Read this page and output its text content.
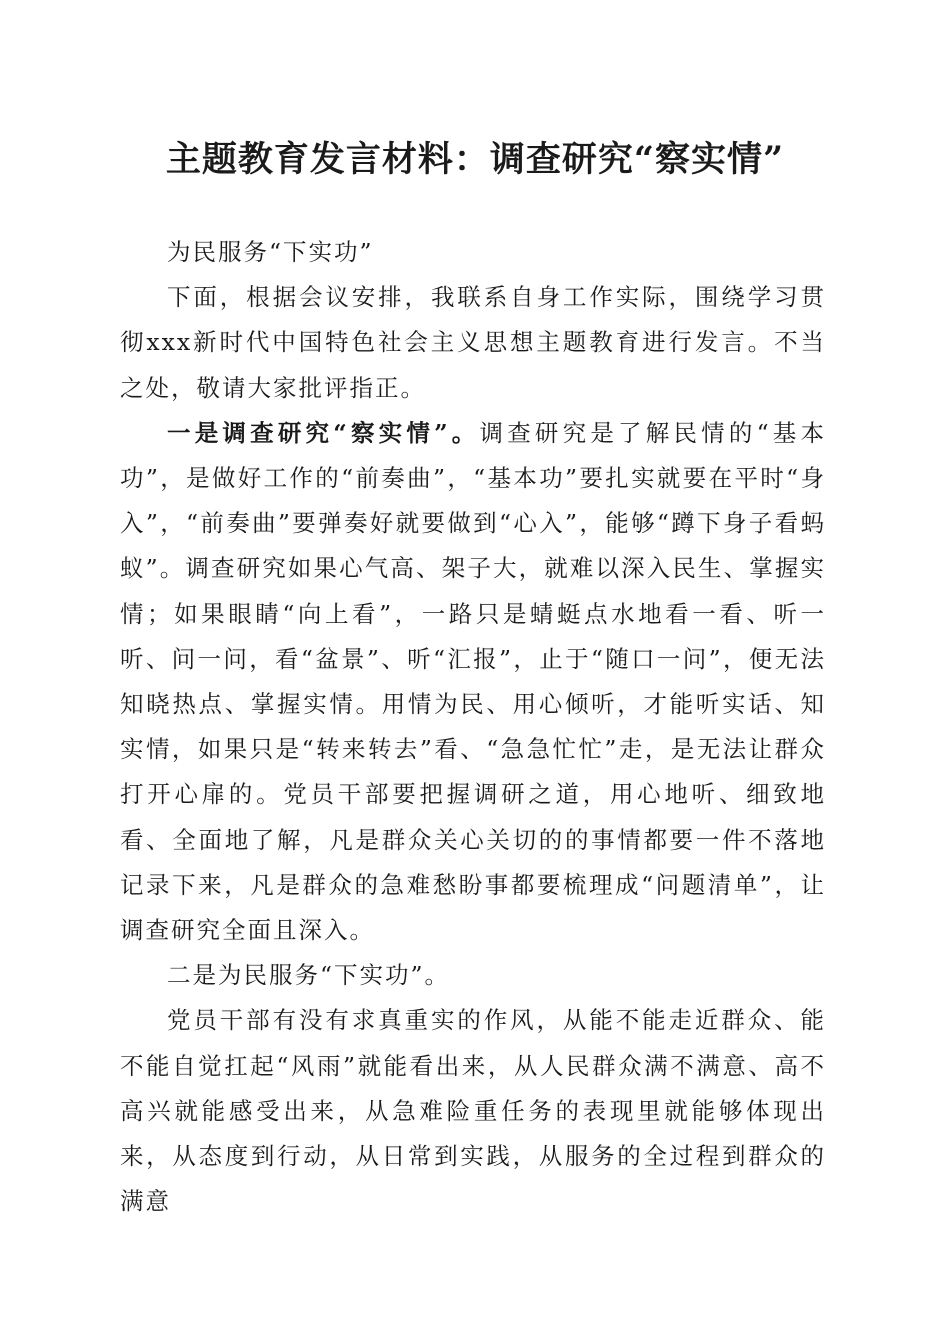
主题教育发言材料：调查研究“察实情”

为民服务“下实功”

下面，根据会议安排，我联系自身工作实际，围绕学习贯彻xxx新时代中国特色社会主义思想主题教育进行发言。不当之处，敬请大家批评指正。

一是调查研究“察实情”。调查研究是了解民情的“基本功”，是做好工作的“前奏曲”，“基本功”要扎实就要在平时“身入”，“前奏曲”要弹奏好就要做到“心入”，能够“蹲下身子看蚂蚁”。调查研究如果心气高、架子大，就难以深入民生、掌握实情；如果眼睛“向上看”，一路只是蜻蜓点水地看一看、听一听、问一问，看“盆景”、听“汇报”，止于“随口一问”，便无法知晓热点、掌握实情。用情为民、用心倾听，才能听实话、知实情，如果只是“转来转去”看、“急急忙忙”走，是无法让群众打开心扉的。党员干部要把握调研之道，用心地听、细致地看、全面地了解，凡是群众关心关切的的事情都要一件不落地记录下来，凡是群众的急难愁盼事都要梳理成“问题清单”，让调查研究全面且深入。

二是为民服务“下实功”。

党员干部有没有求真重实的作风，从能不能走近群众、能不能自觉扛起“风雨”就能看出来，从人民群众满不满意、高不高兴就能感受出来，从急难险重任务的表现里就能够体现出来，从态度到行动，从日常到实践，从服务的全过程到群众的满意
